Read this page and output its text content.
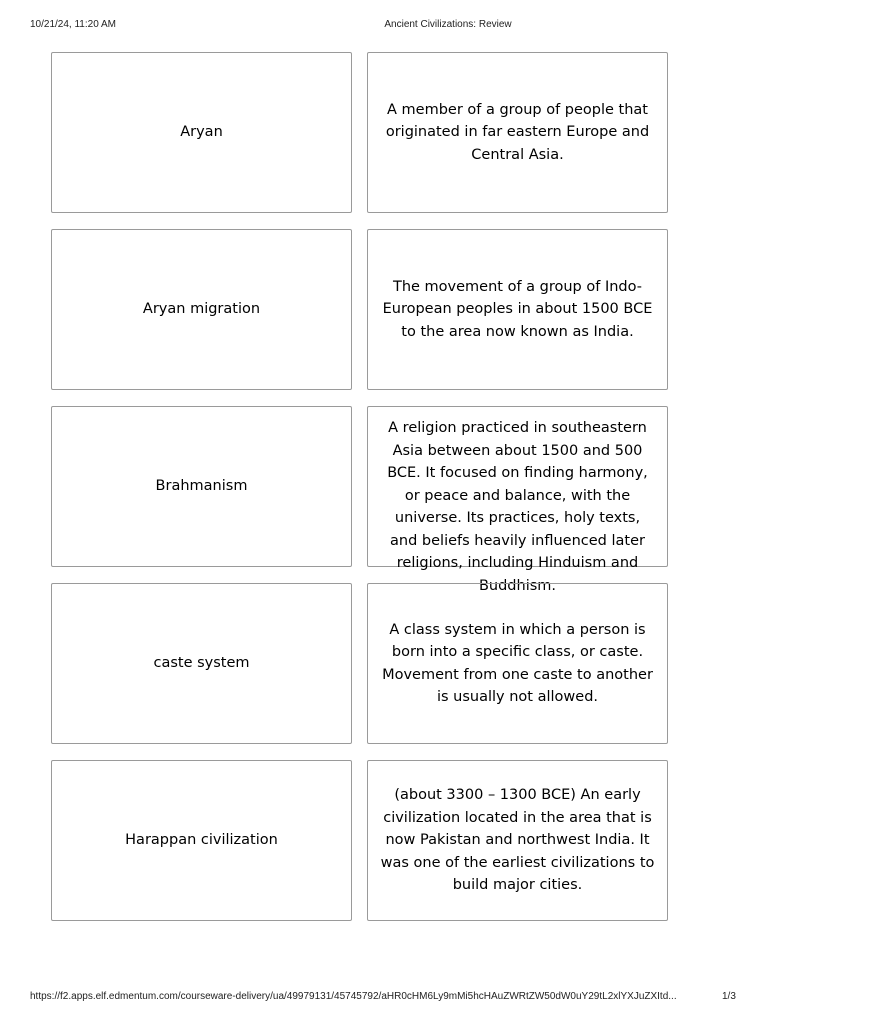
10/21/24, 11:20 AM	Ancient Civilizations: Review
Aryan
A member of a group of people that originated in far eastern Europe and Central Asia.
Aryan migration
The movement of a group of Indo-European peoples in about 1500 BCE to the area now known as India.
Brahmanism
A religion practiced in southeastern Asia between about 1500 and 500 BCE. It focused on finding harmony, or peace and balance, with the universe. Its practices, holy texts, and beliefs heavily influenced later religions, including Hinduism and Buddhism.
caste system
A class system in which a person is born into a specific class, or caste. Movement from one caste to another is usually not allowed.
Harappan civilization
(about 3300 – 1300 BCE) An early civilization located in the area that is now Pakistan and northwest India. It was one of the earliest civilizations to build major cities.
https://f2.apps.elf.edmentum.com/courseware-delivery/ua/49979131/45745792/aHR0cHM6Ly9mMi5hcHAuZWRtZW50dW0uY29tL2xlYXJuZXItd...	1/3
